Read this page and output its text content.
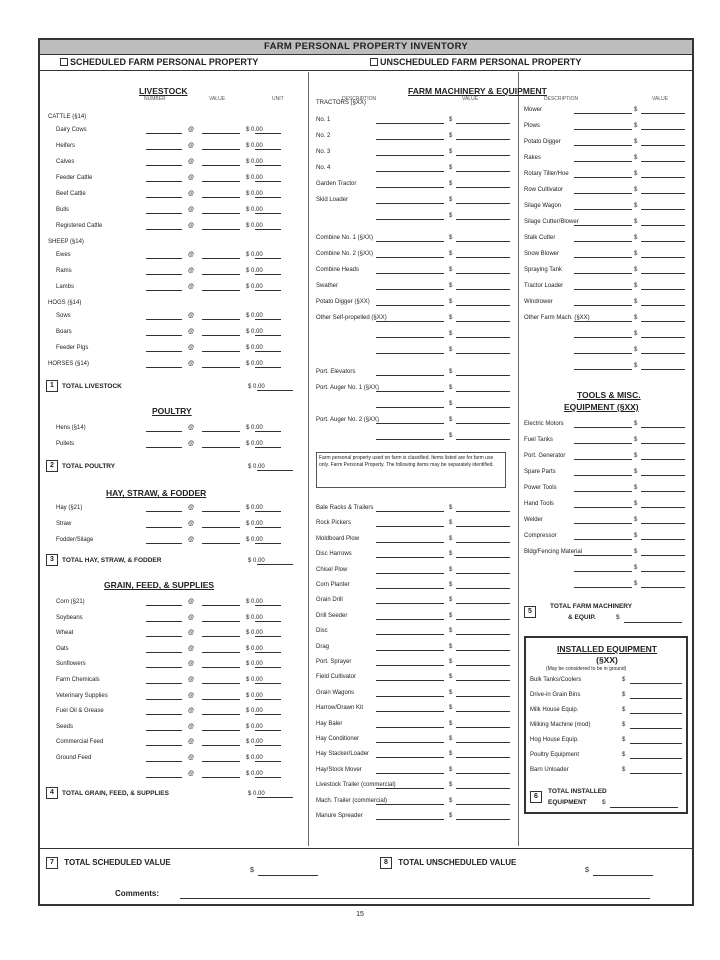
FARM PERSONAL PROPERTY INVENTORY
SCHEDULED FARM PERSONAL PROPERTY	UNSCHEDULED FARM PERSONAL PROPERTY
LIVESTOCK
NUMBER	VALUE	UNIT
CATTLE (§14)
Dairy Cows	@	$ 0.00
Heifers	@	$ 0.00
Calves	@	$ 0.00
Feeder Cattle	@	$ 0.00
Beef Cattle	@	$ 0.00
Bulls	@	$ 0.00
Registered Cattle	@	$ 0.00
SHEEP (§14)
Ewes	@	$ 0.00
Rams	@	$ 0.00
Lambs	@	$ 0.00
HOGS (§14)
Sows	@	$ 0.00
Boars	@	$ 0.00
Feeder Pigs	@	$ 0.00
HORSES (§14)	@	$ 0.00
1 TOTAL LIVESTOCK	$ 0.00
POULTRY
Hens (§14)	@	$ 0.00
Pullets	@	$ 0.00
2 TOTAL POULTRY	$ 0.00
HAY, STRAW, & FODDER
Hay (§21)	@	$ 0.00
Straw	@	$ 0.00
Fodder/Silage	@	$ 0.00
3 TOTAL HAY, STRAW, & FODDER	$ 0.00
GRAIN, FEED, & SUPPLIES
Corn (§21)	@	$ 0.00
Soybeans	@	$ 0.00
Wheat	@	$ 0.00
Oats	@	$ 0.00
Sunflowers	@	$ 0.00
Farm Chemicals	@	$ 0.00
Veterinary Supplies	@	$ 0.00
Fuel Oil & Grease	@	$ 0.00
Seeds	@	$ 0.00
Commercial Feed	@	$ 0.00
Ground Feed	@	$ 0.00
@	$ 0.00
4 TOTAL GRAIN, FEED, & SUPPLIES	$ 0.00
FARM MACHINERY & EQUIPMENT
DESCRIPTION	VALUE
TRACTORS (§XX)
No. 1	$
No. 2	$
No. 3	$
No. 4	$
Garden Tractor	$
Skid Loader	$
$
Combine No. 1 (§XX)	$
Combine No. 2 (§XX)	$
Combine Heads	$
Swather	$
Potato Digger (§XX)	$
Other Self-propelled (§XX)	$
$
$
Port. Elevators	$
Port. Auger No. 1 (§XX)	$
$
Port. Auger No. 2 (§XX)	$
$
Farm personal property used on farm is classified. Items listed are for farm use only. Farm Personal Property. The following items may be separately identified.
Bale Racks & Trailers	$
Rock Pickers	$
Moldboard Plow	$
Disc Harrows	$
Chisel Plow	$
Corn Planter	$
Grain Drill	$
Drill Seeder	$
Disc	$
Drag	$
Port. Sprayer	$
Field Cultivator	$
Grain Wagons	$
Harrow/Drawn Kit	$
Hay Baler	$
Hay Conditioner	$
Hay Stacker/Loader	$
Hay/Stock Mover	$
Livestock Trailer (commercial)	$
Mach. Trailer (commercial)	$
Manure Spreader	$
DESCRIPTION	VALUE
Mower	$
Plows	$
Potato Digger	$
Rakes	$
Rotary Tiller/Hoe	$
Row Cultivator	$
Silage Wagon	$
Silage Cutter/Blower	$
Stalk Cutter	$
Snow Blower	$
Spraying Tank	$
Tractor Loader	$
Windrower	$
Other Farm Mach. (§XX)	$
$
$
$
TOOLS & MISC.
EQUIPMENT (§XX)
Electric Motors	$
Fuel Tanks	$
Port. Generator	$
Spare Parts	$
Power Tools	$
Hand Tools	$
Welder	$
Compressor	$
Bldg/Fencing Material	$
$
$
5
TOTAL FARM MACHINERY
& EQUIP.	$
INSTALLED EQUIPMENT
(§XX)
(May be considered to be in ground)
Bulk Tanks/Coolers	$
Drive-in Grain Bins	$
Milk House Equip.	$
Milking Machine (mod)	$
Hog House Equip.	$
Poultry Equipment	$
Barn Unloader	$
6
TOTAL INSTALLED
EQUIPMENT $
7 TOTAL SCHEDULED VALUE
$
8 TOTAL UNSCHEDULED VALUE
$
Comments:
15
